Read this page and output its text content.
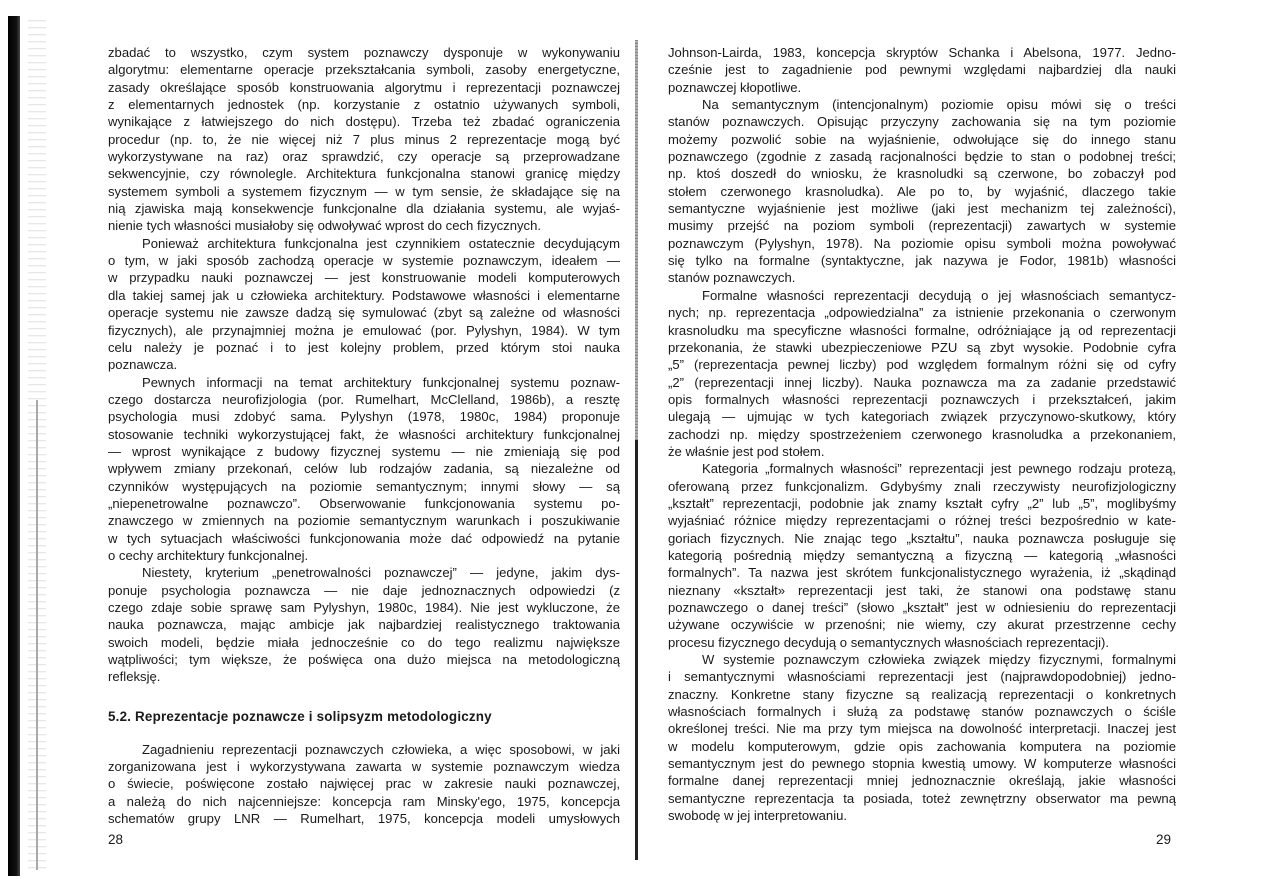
zbadać to wszystko, czym system poznawczy dysponuje w wykonywaniu
algorytmu: elementarne operacje przekształcania symboli, zasoby energetyczne,
zasady określające sposób konstruowania algorytmu i reprezentacji poznawczej
z elementarnych jednostek (np. korzystanie z ostatnio używanych symboli,
wynikające z łatwiejszego do nich dostępu). Trzeba też zbadać ograniczenia
procedur (np. to, że nie więcej niż 7 plus minus 2 reprezentacje mogą być
wykorzystywane na raz) oraz sprawdzić, czy operacje są przeprowadzane
sekwencyjnie, czy równolegle. Architektura funkcjonalna stanowi granicę między
systemem symboli a systemem fizycznym — w tym sensie, że składające się na
nią zjawiska mają konsekwencje funkcjonalne dla działania systemu, ale wyjaś-
nienie tych własności musiałoby się odwoływać wprost do cech fizycznych.
Ponieważ architektura funkcjonalna jest czynnikiem ostatecznie decydującym
o tym, w jaki sposób zachodzą operacje w systemie poznawczym, ideałem —
w przypadku nauki poznawczej — jest konstruowanie modeli komputerowych
dla takiej samej jak u człowieka architektury. Podstawowe własności i elementarne
operacje systemu nie zawsze dadzą się symulować (zbyt są zależne od własności
fizycznych), ale przynajmniej można je emulować (por. Pylyshyn, 1984). W tym
celu należy je poznać i to jest kolejny problem, przed którym stoi nauka
poznawcza.
Pewnych informacji na temat architektury funkcjonalnej systemu poznaw-
czego dostarcza neurofizjologia (por. Rumelhart, McClelland, 1986b), a resztę
psychologia musi zdobyć sama. Pylyshyn (1978, 1980c, 1984) proponuje
stosowanie techniki wykorzystującej fakt, że własności architektury funkcjonalnej
— wprost wynikające z budowy fizycznej systemu — nie zmieniają się pod
wpływem zmiany przekonań, celów lub rodzajów zadania, są niezależne od
czynników występujących na poziomie semantycznym; innymi słowy — są
„niepenetrowalne poznawczo”. Obserwowanie funkcjonowania systemu po-
znawczego w zmiennych na poziomie semantycznym warunkach i poszukiwanie
w tych sytuacjach właściwości funkcjonowania może dać odpowiedź na pytanie
o cechy architektury funkcjonalnej.
Niestety, kryterium „penetrowalności poznawczej” — jedyne, jakim dys-
ponuje psychologia poznawcza — nie daje jednoznacznych odpowiedzi (z
czego zdaje sobie sprawę sam Pylyshyn, 1980c, 1984). Nie jest wykluczone, że
nauka poznawcza, mając ambicje jak najbardziej realistycznego traktowania
swoich modeli, będzie miała jednocześnie co do tego realizmu największe
wątpliwości; tym większe, że poświęca ona dużo miejsca na metodologiczną
refleksję.
5.2. Reprezentacje poznawcze i solipsyzm metodologiczny
Zagadnieniu reprezentacji poznawczych człowieka, a więc sposobowi, w jaki
zorganizowana jest i wykorzystywana zawarta w systemie poznawczym wiedza
o świecie, poświęcone zostało najwięcej prac w zakresie nauki poznawczej,
a należą do nich najcenniejsze: koncepcja ram Minsky'ego, 1975, koncepcja
schematów grupy LNR — Rumelhart, 1975, koncepcja modeli umysłowych
Johnson-Lairda, 1983, koncepcja skryptów Schanka i Abelsona, 1977. Jedno-
cześnie jest to zagadnienie pod pewnymi względami najbardziej dla nauki
poznawczej kłopotliwe.
Na semantycznym (intencjonalnym) poziomie opisu mówi się o treści
stanów poznawczych. Opisując przyczyny zachowania się na tym poziomie
możemy pozwolić sobie na wyjaśnienie, odwołujące się do innego stanu
poznawczego (zgodnie z zasadą racjonalności będzie to stan o podobnej treści;
np. ktoś doszedł do wniosku, że krasnoludki są czerwone, bo zobaczył pod
stołem czerwonego krasnoludka). Ale po to, by wyjaśnić, dlaczego takie
semantyczne wyjaśnienie jest możliwe (jaki jest mechanizm tej zależności),
musimy przejść na poziom symboli (reprezentacji) zawartych w systemie
poznawczym (Pylyshyn, 1978). Na poziomie opisu symboli można powoływać
się tylko na formalne (syntaktyczne, jak nazywa je Fodor, 1981b) własności
stanów poznawczych.
Formalne własności reprezentacji decydują o jej własnościach semantycz-
nych; np. reprezentacja „odpowiedzialna” za istnienie przekonania o czerwonym
krasnoludku ma specyficzne własności formalne, odróżniające ją od reprezentacji
przekonania, że stawki ubezpieczeniowe PZU są zbyt wysokie. Podobnie cyfra
„5” (reprezentacja pewnej liczby) pod względem formalnym różni się od cyfry
„2” (reprezentacji innej liczby). Nauka poznawcza ma za zadanie przedstawić
opis formalnych własności reprezentacji poznawczych i przekształceń, jakim
ulegają — ujmując w tych kategoriach związek przyczynowo-skutkowy, który
zachodzi np. między spostrzeżeniem czerwonego krasnoludka a przekonaniem,
że właśnie jest pod stołem.
Kategoria „formalnych własności” reprezentacji jest pewnego rodzaju protezą,
oferowaną przez funkcjonalizm. Gdybyśmy znali rzeczywisty neurofizjologiczny
„kształt” reprezentacji, podobnie jak znamy kształt cyfry „2” lub „5”, moglibyśmy
wyjaśniać różnice między reprezentacjami o różnej treści bezpośrednio w kate-
goriach fizycznych. Nie znając tego „kształtu”, nauka poznawcza posługuje się
kategorią pośrednią między semantyczną a fizyczną — kategorią „własności
formalnych”. Ta nazwa jest skrótem funkcjonalistycznego wyrażenia, iż „skądinąd
nieznany «kształt» reprezentacji jest taki, że stanowi ona podstawę stanu
poznawczego o danej treści” (słowo „kształt” jest w odniesieniu do reprezentacji
używane oczywiście w przenośni; nie wiemy, czy akurat przestrzenne cechy
procesu fizycznego decydują o semantycznych własnościach reprezentacji).
W systemie poznawczym człowieka związek między fizycznymi, formalnymi
i semantycznymi własnościami reprezentacji jest (najprawdopodobniej) jedno-
znaczny. Konkretne stany fizyczne są realizacją reprezentacji o konkretnych
własnościach formalnych i służą za podstawę stanów poznawczych o ściśle
określonej treści. Nie ma przy tym miejsca na dowolność interpretacji. Inaczej jest
w modelu komputerowym, gdzie opis zachowania komputera na poziomie
semantycznym jest do pewnego stopnia kwestią umowy. W komputerze własności
formalne danej reprezentacji mniej jednoznacznie określają, jakie własności
semantyczne reprezentacja ta posiada, toteż zewnętrzny obserwator ma pewną
swobodę w jej interpretowaniu.
28	29
